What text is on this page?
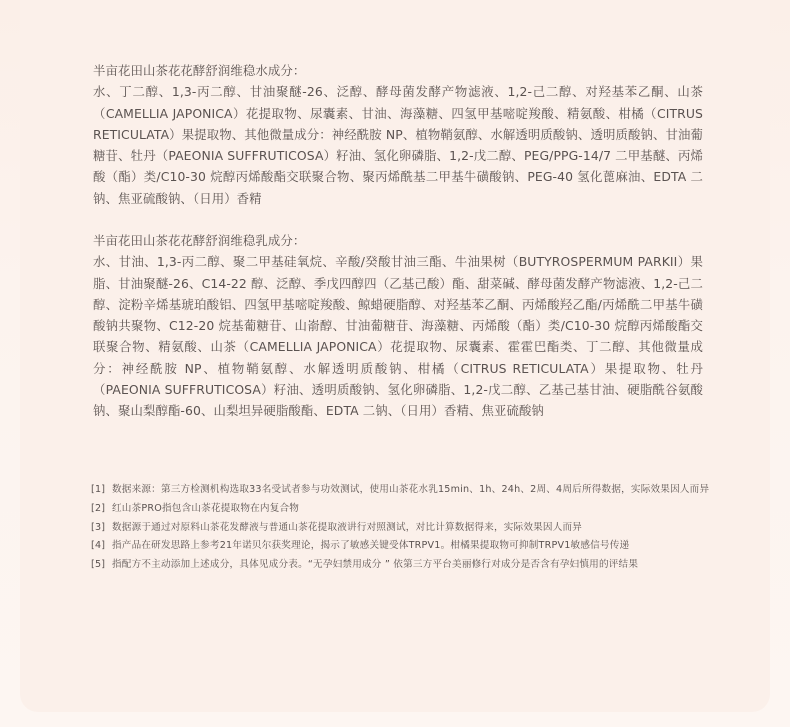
半亩花田山茶花花酵舒润维稳水成分：
水、丁二醇、1,3-丙二醇、甘油聚醚-26、泛醇、酵母菌发酵产物滤液、1,2-己二醇、对羟基苯乙酮、山茶（CAMELLIA JAPONICA）花提取物、尿囊素、甘油、海藻糖、四氢甲基嘧啶羧酸、精氨酸、柑橘（CITRUS RETICULATA）果提取物、其他微量成分：神经酰胺 NP、植物鞘氨醇、水解透明质酸钠、透明质酸钠、甘油葡糖苷、牡丹（PAEONIA SUFFRUTICOSA）籽油、氢化卵磷脂、1,2-戊二醇、PEG/PPG-14/7 二甲基醚、丙烯酸（酯）类/C10-30 烷醇丙烯酸酯交联聚合物、聚丙烯酰基二甲基牛磺酸钠、PEG-40 氢化蓖麻油、EDTA 二钠、焦亚硫酸钠、（日用）香精
半亩花田山茶花花酵舒润维稳乳成分：
水、甘油、1,3-丙二醇、聚二甲基硅氧烷、辛酸/癸酸甘油三酯、牛油果树（BUTYROSPERMUM PARKII）果脂、甘油聚醚-26、C14-22 醇、泛醇、季戊四醇四（乙基己酸）酯、甜菜碱、酵母菌发酵产物滤液、1,2-己二醇、淀粉辛烯基琥珀酸铝、四氢甲基嘧啶羧酸、鲸蜡硬脂醇、对羟基苯乙酮、丙烯酸羟乙酯/丙烯酰二甲基牛磺酸钠共聚物、C12-20 烷基葡糖苷、山嵛醇、甘油葡糖苷、海藻糖、丙烯酸（酯）类/C10-30 烷醇丙烯酸酯交联聚合物、精氨酸、山茶（CAMELLIA JAPONICA）花提取物、尿囊素、霍霍巴酯类、丁二醇、其他微量成分：神经酰胺 NP、植物鞘氨醇、水解透明质酸钠、柑橘（CITRUS RETICULATA）果提取物、牡丹（PAEONIA SUFFRUTICOSA）籽油、透明质酸钠、氢化卵磷脂、1,2-戊二醇、乙基己基甘油、硬脂酰谷氨酸钠、聚山梨醇酯-60、山梨坦异硬脂酸酯、EDTA 二钠、（日用）香精、焦亚硫酸钠
[1] 数据来源：第三方检测机构选取33名受试者参与功效测试，使用山茶花水乳15min、1h、24h、2周、4周后所得数据，实际效果因人而异
[2] 红山茶PRO指包含山茶花提取物在内复合物
[3] 数据源于通过对原料山茶花发酵液与普通山茶花提取液讲行对照测试，对比计算数据得来，实际效果因人而异
[4] 指产品在研发思路上参考21年诺贝尔获奖理论，揭示了敏感关键受体TRPV1。柑橘果提取物可抑制TRPV1敏感信号传递
[5] 指配方不主动添加上述成分，具体见成分表。“无孕妇禁用成分 ” 依第三方平台美丽修行对成分是否含有孕妇慎用的评结果
